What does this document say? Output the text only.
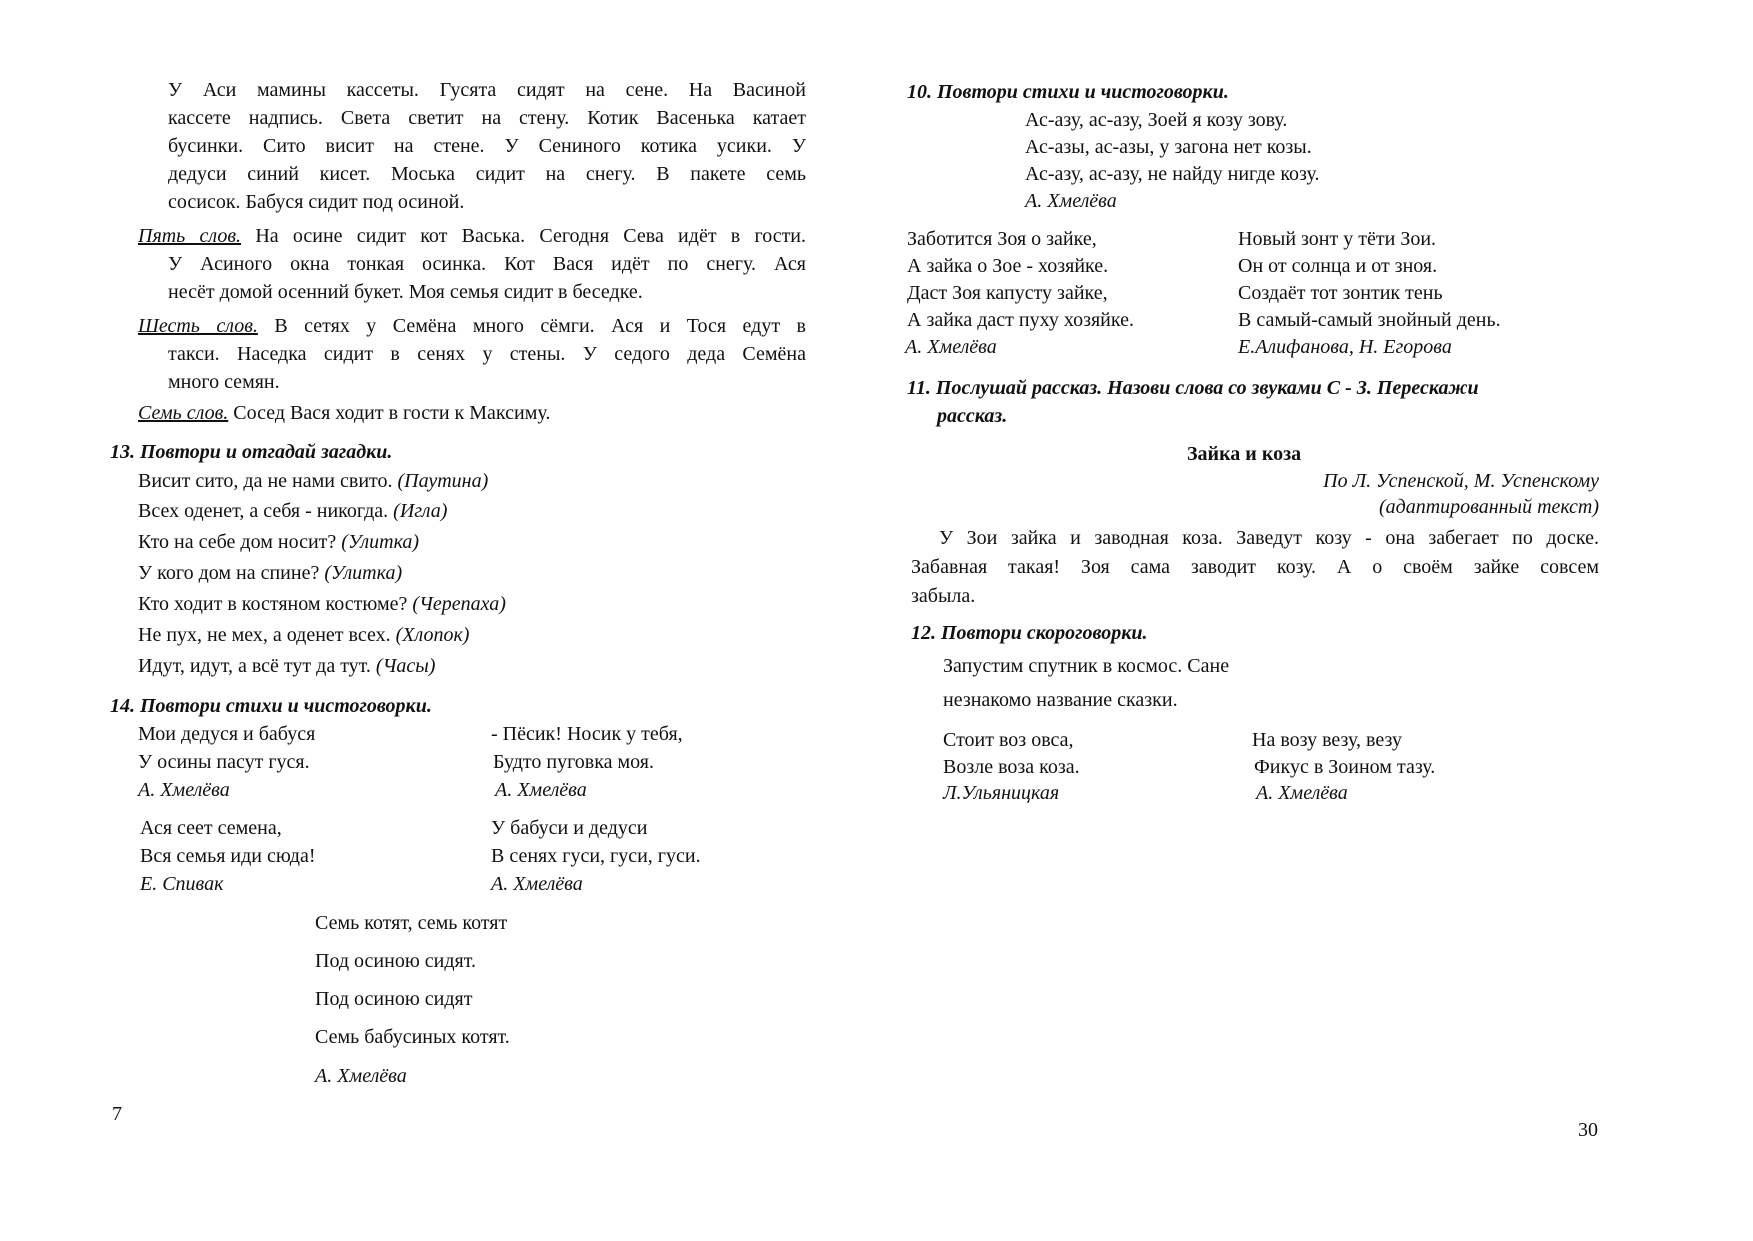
У Аси мамины кассеты. Гусята сидят на сене. На Васиной
кассете надпись. Света светит на стену. Котик Васенька катает
бусинки. Сито висит на стене. У Сениного котика усики. У
дедуси синий кисет. Моська сидит на снегу. В пакете семь
сосисок. Бабуся сидит под осиной.
Пять слов. На осине сидит кот Васька. Сегодня Сева идёт в гости.
У Асиного окна тонкая осинка. Кот Вася идёт по снегу. Ася
несёт домой осенний букет. Моя семья сидит в беседке.
Шесть слов. В сетях у Семёна много сёмги. Ася и Тося едут в
такси. Наседка сидит в сенях у стены. У седого деда Семёна
много семян.
Семь слов. Сосед Вася ходит в гости к Максиму.
13. Повтори и отгадай загадки.
Висит сито, да не нами свито. (Паутина)
Всех оденет, а себя - никогда. (Игла)
Кто на себе дом носит? (Улитка)
У кого дом на спине? (Улитка)
Кто ходит в костяном костюме? (Черепаха)
Не пух, не мех, а оденет всех. (Хлопок)
Идут, идут, а всё тут да тут. (Часы)
14. Повтори стихи и чистоговорки.
Мои дедуся и бабуся
У осины пасут гуся.
А. Хмелёва
- Пёсик! Носик у тебя,
Будто пуговка моя.
А. Хмелёва
Ася сеет семена,
Вся семья иди сюда!
Е. Спивак
У бабуси и дедуси
В сенях гуси, гуси, гуси.
А. Хмелёва
Семь котят, семь котят
Под осиною сидят.
Под осиною сидят
Семь бабусиных котят.
А. Хмелёва
7
10. Повтори стихи и чистоговорки.
Ас-азу, ас-азу, Зоей я козу зову.
Ас-азы, ас-азы, у загона нет козы.
Ас-азу, ас-азу, не найду нигде козу.
А. Хмелёва
Заботится Зоя о зайке,
А зайка о Зое - хозяйке.
Даст Зоя капусту зайке,
А зайка даст пуху хозяйке.
А. Хмелёва
Новый зонт у тёти Зои.
Он от солнца и от зноя.
Создаёт тот зонтик тень
В самый-самый знойный день.
Е.Алифанова, Н. Егорова
11. Послушай рассказ. Назови слова со звуками С - З. Перескажи
рассказ.
Зайка и коза
По Л. Успенской, М. Успенскому
(адаптированный текст)
У Зои зайка и заводная коза. Заведут козу - она забегает по доске.
Забавная такая! Зоя сама заводит козу. А о своём зайке совсем
забыла.
12. Повтори скороговорки.
Запустим спутник в космос. Сане
незнакомо название сказки.
Стоит воз овса,
Возле воза коза.
Л.Ульяницкая
На возу везу, везу
Фикус в Зоином тазу.
А. Хмелёва
30
